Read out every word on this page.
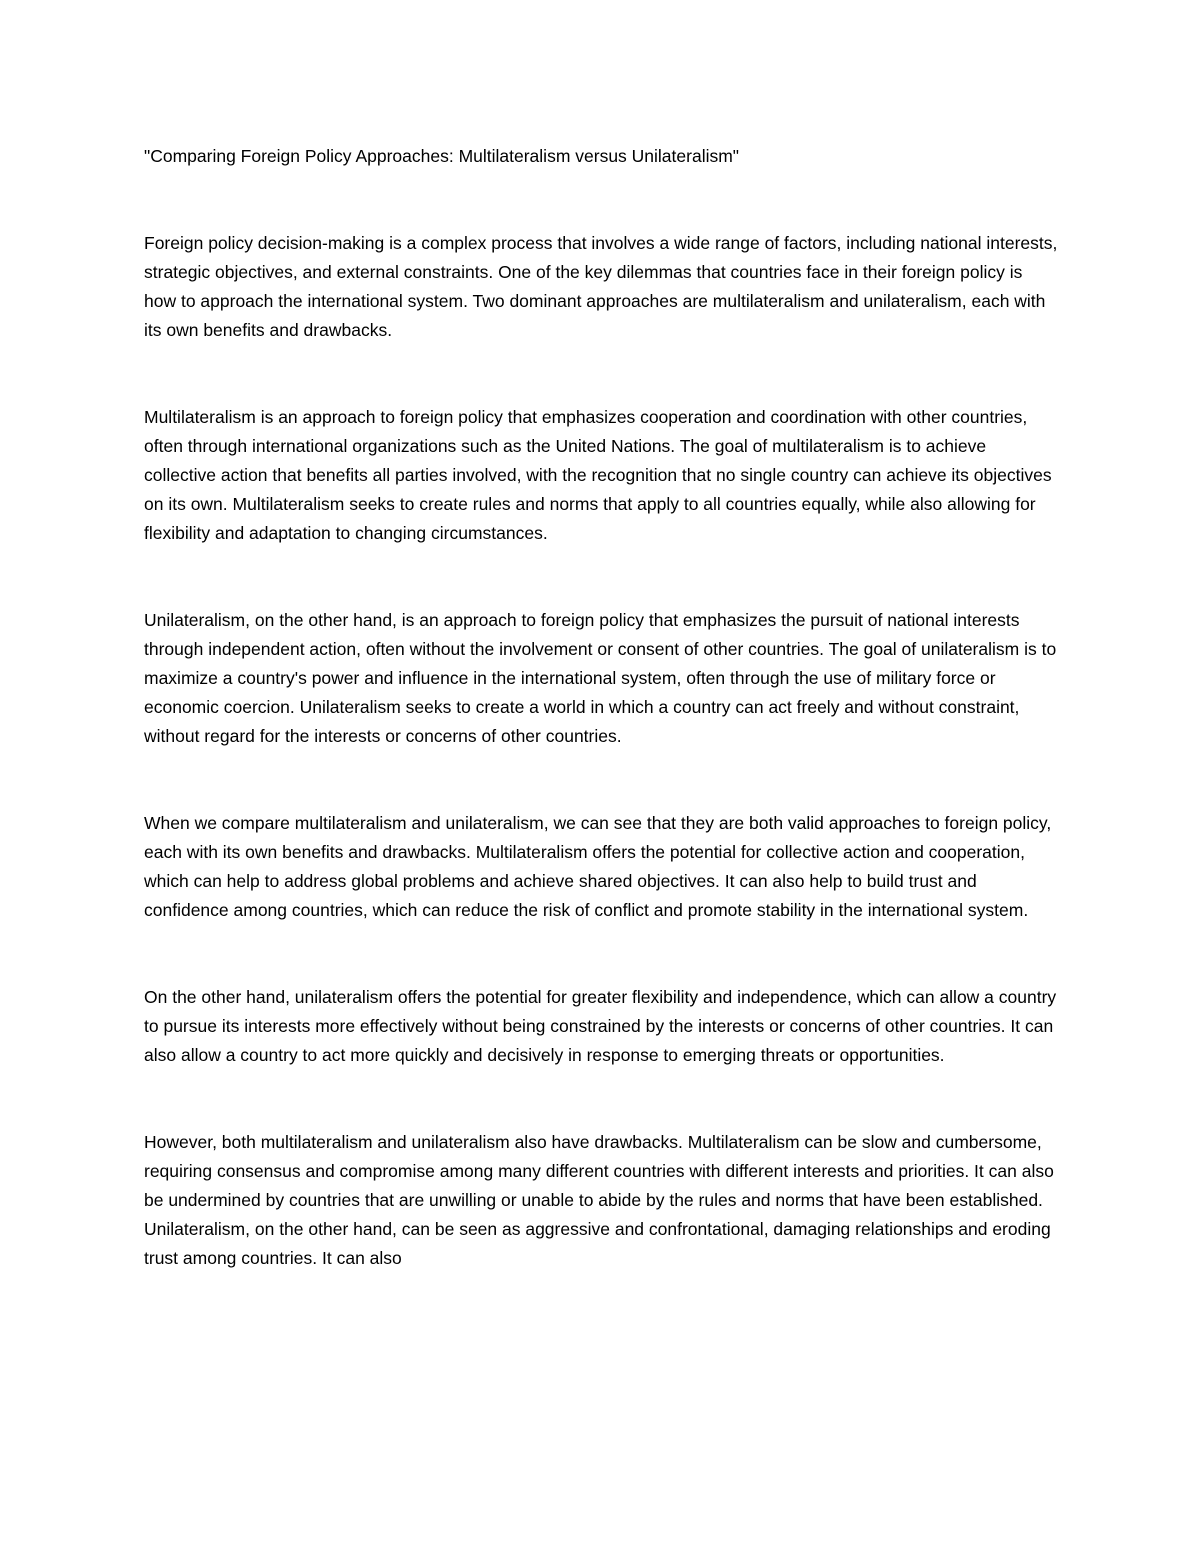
"Comparing Foreign Policy Approaches: Multilateralism versus Unilateralism"

Foreign policy decision-making is a complex process that involves a wide range of factors, including national interests, strategic objectives, and external constraints. One of the key dilemmas that countries face in their foreign policy is how to approach the international system. Two dominant approaches are multilateralism and unilateralism, each with its own benefits and drawbacks.

Multilateralism is an approach to foreign policy that emphasizes cooperation and coordination with other countries, often through international organizations such as the United Nations. The goal of multilateralism is to achieve collective action that benefits all parties involved, with the recognition that no single country can achieve its objectives on its own. Multilateralism seeks to create rules and norms that apply to all countries equally, while also allowing for flexibility and adaptation to changing circumstances.

Unilateralism, on the other hand, is an approach to foreign policy that emphasizes the pursuit of national interests through independent action, often without the involvement or consent of other countries. The goal of unilateralism is to maximize a country's power and influence in the international system, often through the use of military force or economic coercion. Unilateralism seeks to create a world in which a country can act freely and without constraint, without regard for the interests or concerns of other countries.

When we compare multilateralism and unilateralism, we can see that they are both valid approaches to foreign policy, each with its own benefits and drawbacks. Multilateralism offers the potential for collective action and cooperation, which can help to address global problems and achieve shared objectives. It can also help to build trust and confidence among countries, which can reduce the risk of conflict and promote stability in the international system.

On the other hand, unilateralism offers the potential for greater flexibility and independence, which can allow a country to pursue its interests more effectively without being constrained by the interests or concerns of other countries. It can also allow a country to act more quickly and decisively in response to emerging threats or opportunities.

However, both multilateralism and unilateralism also have drawbacks. Multilateralism can be slow and cumbersome, requiring consensus and compromise among many different countries with different interests and priorities. It can also be undermined by countries that are unwilling or unable to abide by the rules and norms that have been established. Unilateralism, on the other hand, can be seen as aggressive and confrontational, damaging relationships and eroding trust among countries. It can also
